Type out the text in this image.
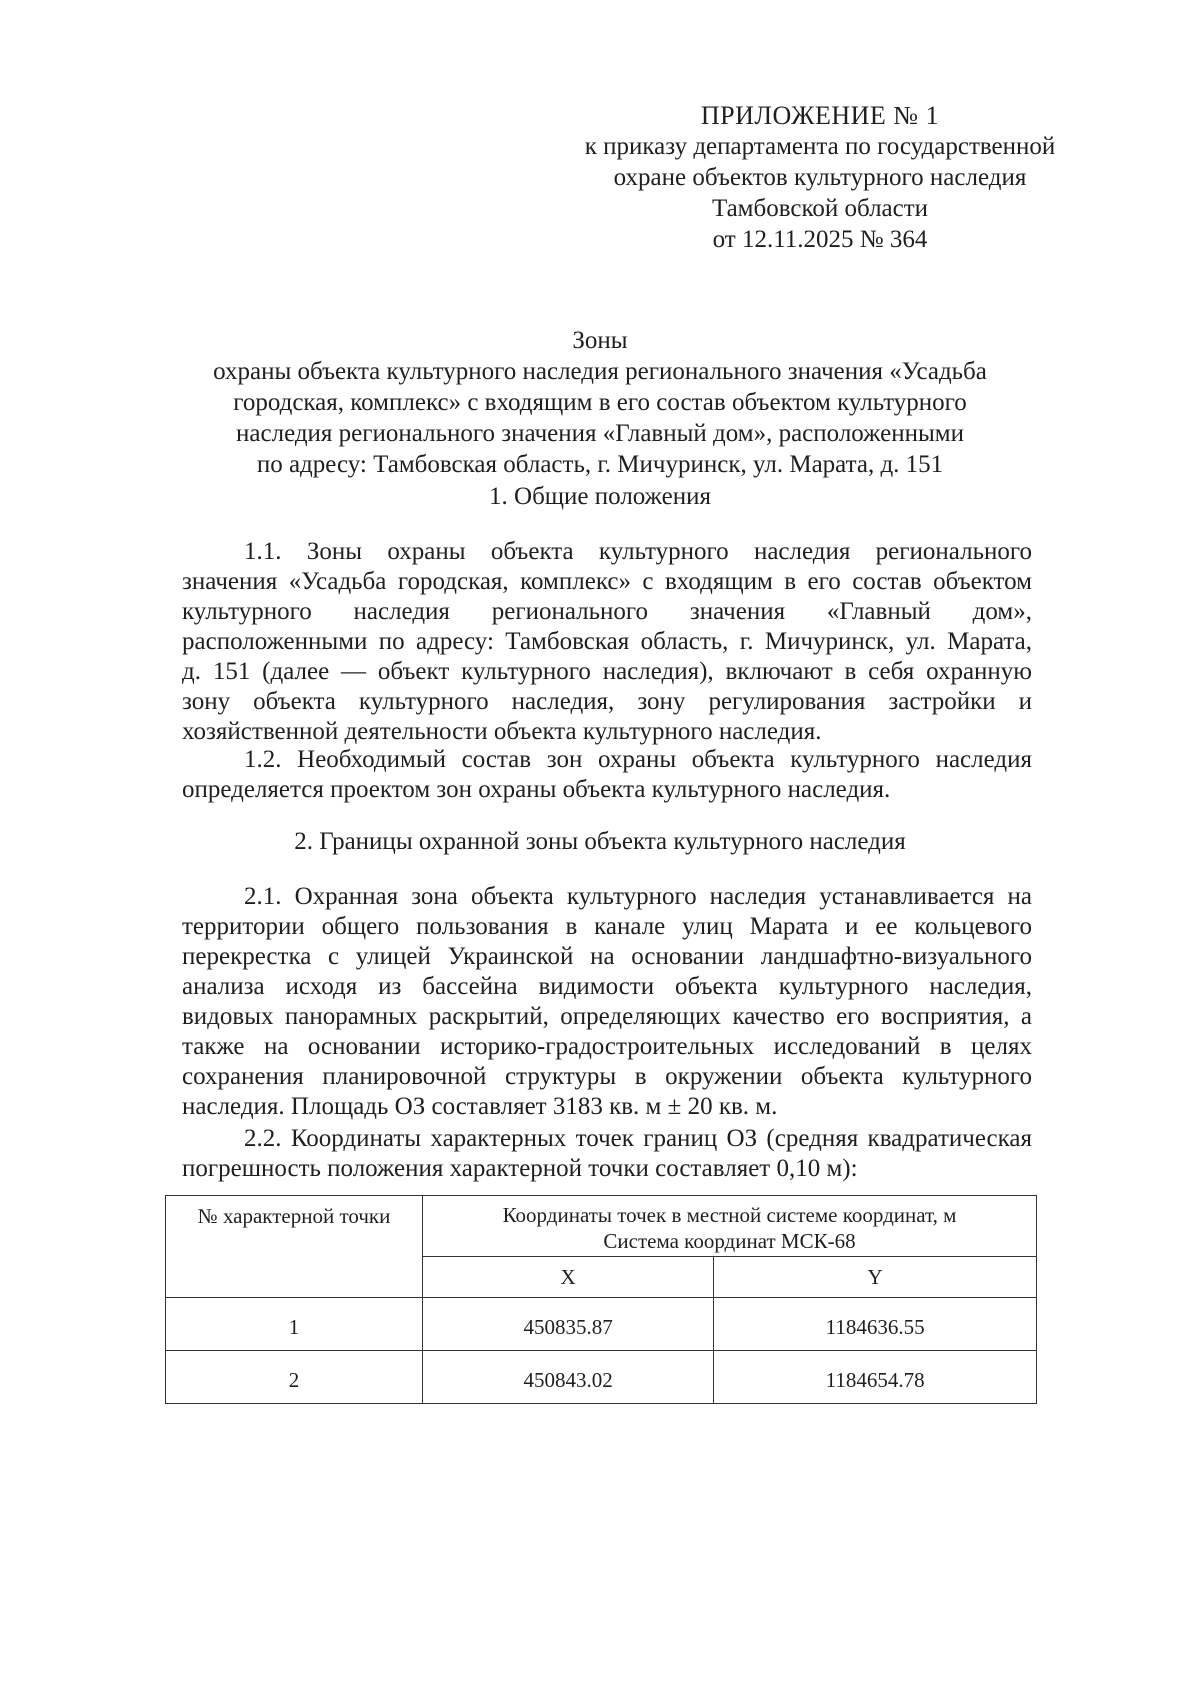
ПРИЛОЖЕНИЕ № 1
к приказу департамента по государственной
охране объектов культурного наследия
Тамбовской области
от 12.11.2025 № 364
Зоны
охраны объекта культурного наследия регионального значения «Усадьба
городская, комплекс» с входящим в его состав объектом культурного
наследия регионального значения «Главный дом», расположенными
по адресу: Тамбовская область, г. Мичуринск, ул. Марата, д. 151
1. Общие положения
1.1. Зоны охраны объекта культурного наследия регионального
значения «Усадьба городская, комплекс» с входящим в его состав объектом
культурного наследия регионального значения «Главный дом»,
расположенными по адресу: Тамбовская область, г. Мичуринск, ул. Марата,
д. 151 (далее — объект культурного наследия), включают в себя охранную
зону объекта культурного наследия, зону регулирования застройки и
хозяйственной деятельности объекта культурного наследия.
1.2. Необходимый состав зон охраны объекта культурного наследия
определяется проектом зон охраны объекта культурного наследия.
2. Границы охранной зоны объекта культурного наследия
2.1. Охранная зона объекта культурного наследия устанавливается на
территории общего пользования в канале улиц Марата и ее кольцевого
перекрестка с улицей Украинской на основании ландшафтно-визуального
анализа исходя из бассейна видимости объекта культурного наследия,
видовых панорамных раскрытий, определяющих качество его восприятия, а
также на основании историко-градостроительных исследований в целях
сохранения планировочной структуры в окружении объекта культурного
наследия. Площадь ОЗ составляет 3183 кв. м ± 20 кв. м.
2.2. Координаты характерных точек границ ОЗ (средняя квадратическая
погрешность положения характерной точки составляет 0,10 м):
№ характерной точки	Координаты точек в местной системе координат, м
Система координат МСК-68	
	X	Y
1	450835.87	1184636.55
2	450843.02	1184654.78
